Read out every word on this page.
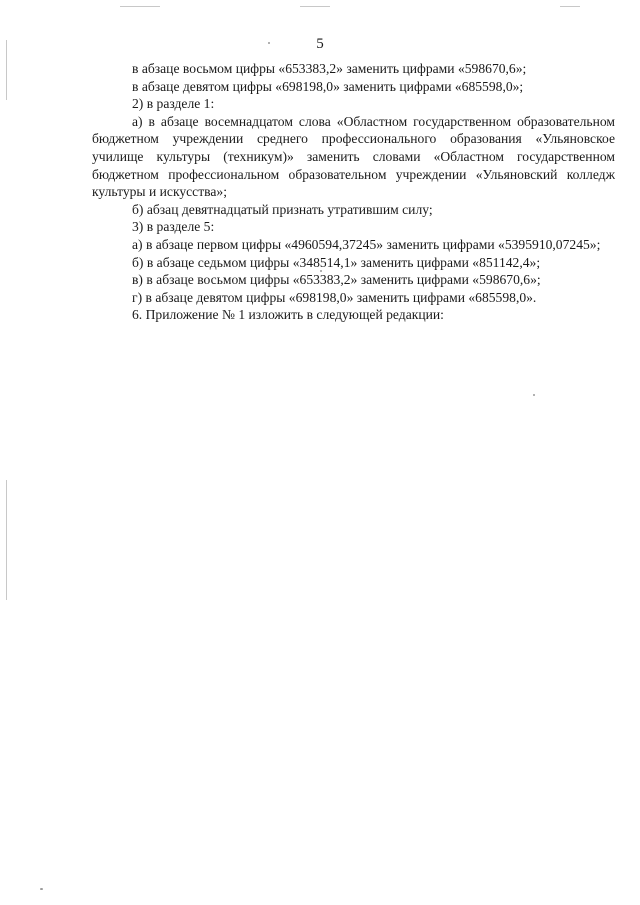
5

в абзаце восьмом цифры «653383,2» заменить цифрами «598670,6»;

в абзаце девятом цифры «698198,0» заменить цифрами «685598,0»;

2) в разделе 1:

а) в абзаце восемнадцатом слова «Областном государственном образовательном бюджетном учреждении среднего профессионального образования «Ульяновское училище культуры (техникум)» заменить словами «Областном государственном бюджетном профессиональном образовательном учреждении «Ульяновский колледж культуры и искусства»;

б) абзац девятнадцатый признать утратившим силу;

3) в разделе 5:

а) в абзаце первом цифры «4960594,37245» заменить цифрами «5395910,07245»;

б) в абзаце седьмом цифры «348514,1» заменить цифрами «851142,4»;

в) в абзаце восьмом цифры «653383,2» заменить цифрами «598670,6»;

г) в абзаце девятом цифры «698198,0» заменить цифрами «685598,0».

6. Приложение № 1 изложить в следующей редакции:
